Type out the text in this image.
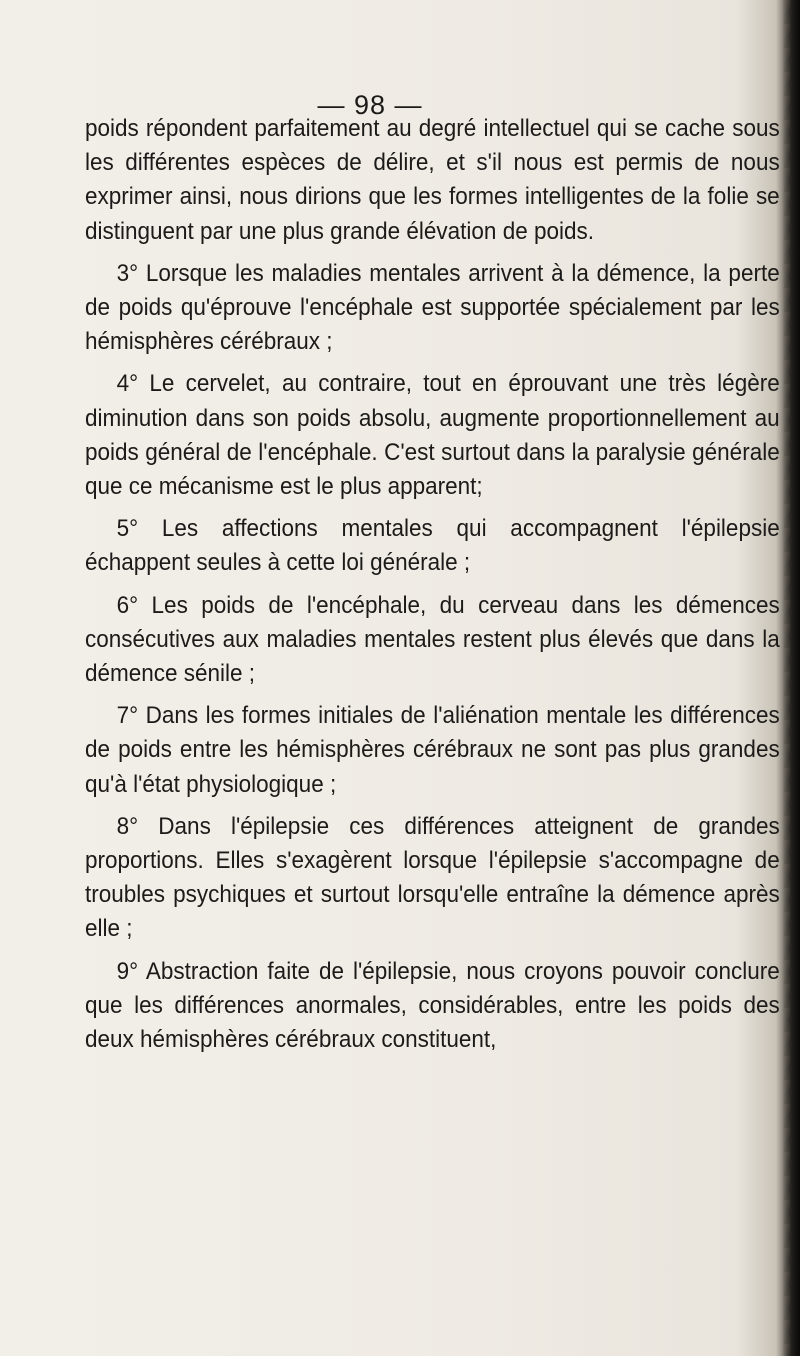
— 98 —

poids répondent parfaitement au degré intellectuel qui se cache sous les différentes espèces de délire, et s'il nous est permis de nous exprimer ainsi, nous dirions que les formes intelligentes de la folie se distinguent par une plus grande élévation de poids.

3° Lorsque les maladies mentales arrivent à la démence, la perte de poids qu'éprouve l'encéphale est supportée spécialement par les hémisphères cérébraux ;

4° Le cervelet, au contraire, tout en éprouvant une très légère diminution dans son poids absolu, augmente proportionnellement au poids général de l'encéphale. C'est surtout dans la paralysie générale que ce mécanisme est le plus apparent;

5° Les affections mentales qui accompagnent l'épilepsie échappent seules à cette loi générale ;

6° Les poids de l'encéphale, du cerveau dans les démences consécutives aux maladies mentales restent plus élevés que dans la démence sénile ;

7° Dans les formes initiales de l'aliénation mentale les différences de poids entre les hémisphères cérébraux ne sont pas plus grandes qu'à l'état physiologique ;

8° Dans l'épilepsie ces différences atteignent de grandes proportions. Elles s'exagèrent lorsque l'épilepsie s'accompagne de troubles psychiques et surtout lorsqu'elle entraîne la démence après elle ;

9° Abstraction faite de l'épilepsie, nous croyons pouvoir conclure que les différences anormales, considérables, entre les poids des deux hémisphères cérébraux constituent,
